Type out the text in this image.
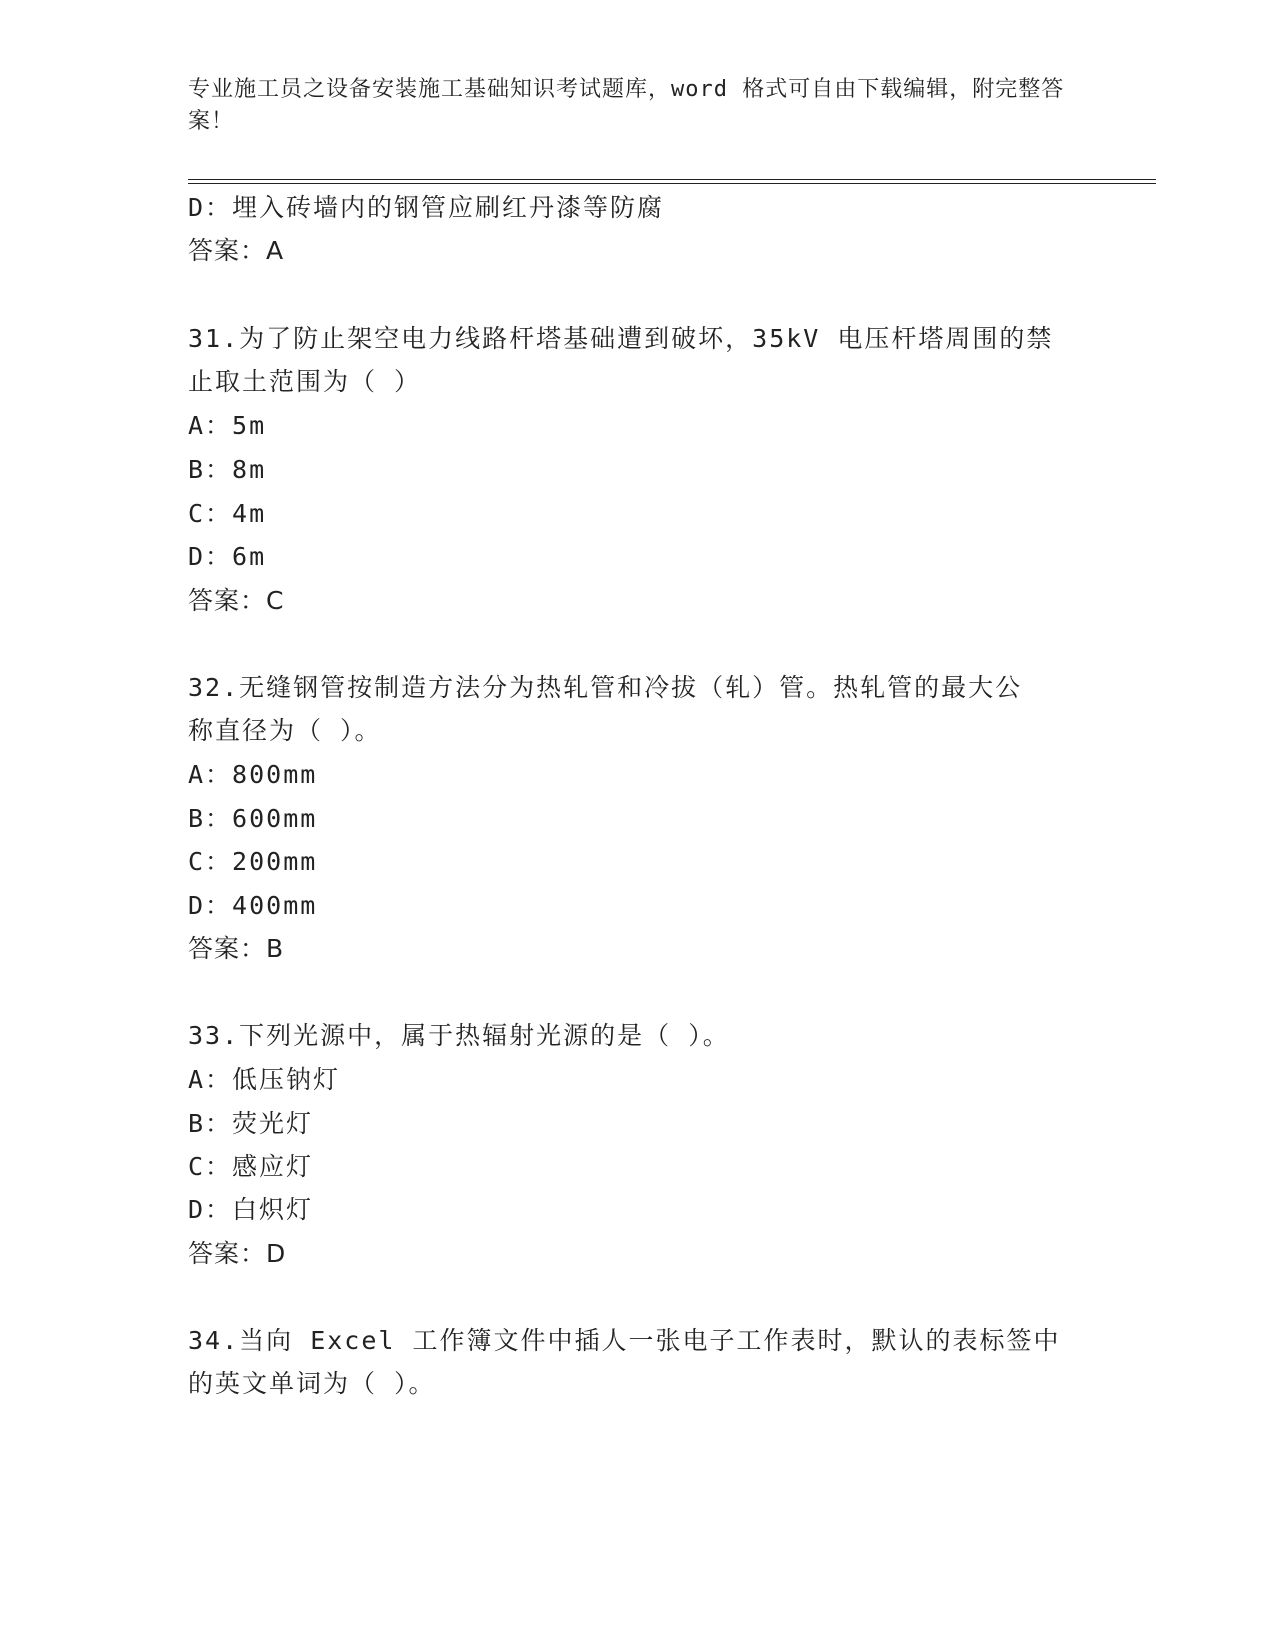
专业施工员之设备安装施工基础知识考试题库，word 格式可自由下载编辑，附完整答案！
D：埋入砖墙内的钢管应刷红丹漆等防腐
答案：A
31.为了防止架空电力线路杆塔基础遭到破坏，35kV 电压杆塔周围的禁
止取土范围为（ ）
A：5m
B：8m
C：4m
D：6m
答案：C
32.无缝钢管按制造方法分为热轧管和冷拔（轧）管。热轧管的最大公
称直径为（ ）。
A：800mm
B：600mm
C：200mm
D：400mm
答案：B
33.下列光源中，属于热辐射光源的是（ ）。
A：低压钠灯
B：荧光灯
C：感应灯
D：白炽灯
答案：D
34.当向 Excel 工作簿文件中插人一张电子工作表时，默认的表标签中
的英文单词为（ ）。
